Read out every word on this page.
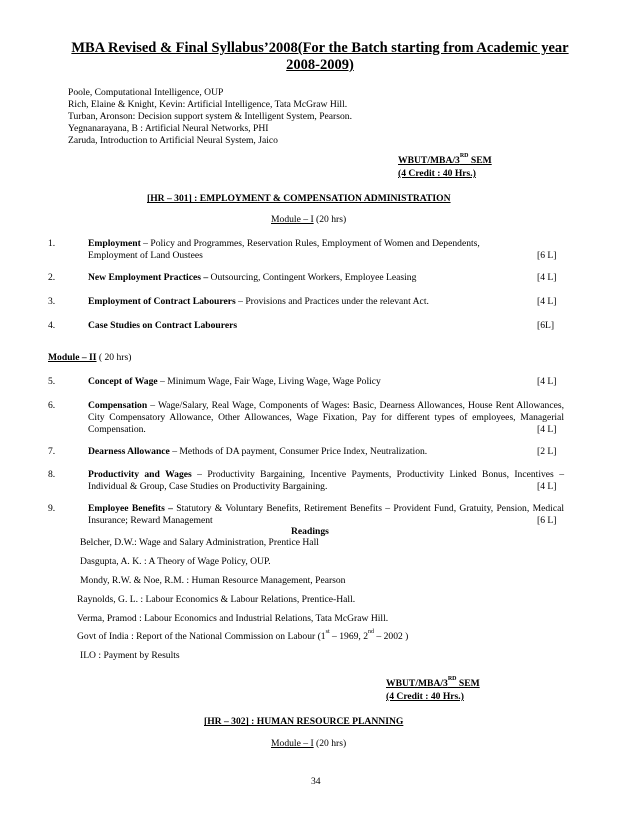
MBA Revised & Final Syllabus’2008(For the Batch starting from Academic year
2008-2009)
Poole, Computational Intelligence, OUP
Rich, Elaine & Knight, Kevin: Artificial Intelligence, Tata McGraw Hill.
Turban, Aronson: Decision support system & Intelligent System, Pearson.
Yegnanarayana, B : Artificial Neural Networks, PHI
Zaruda, Introduction to Artificial Neural System, Jaico
WBUT/MBA/3RD SEM
(4 Credit : 40 Hrs.)
[HR – 301] : EMPLOYMENT & COMPENSATION ADMINISTRATION
Module – I (20 hrs)
1.	Employment – Policy and Programmes, Reservation Rules, Employment of Women and Dependents,
Employment of Land Oustees	[6 L]
2.	New Employment Practices – Outsourcing, Contingent Workers, Employee Leasing	[4 L]
3.	Employment of Contract Labourers – Provisions and Practices under the relevant Act.	[4 L]
4.	Case Studies on Contract Labourers	[6L]
Module – II ( 20 hrs)
5.	Concept of Wage – Minimum Wage, Fair Wage, Living Wage, Wage Policy	[4 L]
6.	Compensation – Wage/Salary, Real Wage, Components of Wages: Basic, Dearness Allowances, House Rent Allowances, City Compensatory Allowance, Other Allowances, Wage Fixation, Pay for different types of employees, Managerial Compensation.	[4 L]
7.	Dearness Allowance – Methods of DA payment, Consumer Price Index, Neutralization.	[2 L]
8.	Productivity and Wages – Productivity Bargaining, Incentive Payments, Productivity Linked Bonus, Incentives – Individual & Group, Case Studies on Productivity Bargaining.	[4 L]
9.	Employee Benefits – Statutory & Voluntary Benefits, Retirement Benefits – Provident Fund, Gratuity, Pension, Medical Insurance; Reward Management	[6 L]
Readings
Belcher, D.W.: Wage and Salary Administration, Prentice Hall
Dasgupta, A. K. : A Theory of Wage Policy, OUP.
Mondy, R.W. & Noe, R.M. : Human Resource Management, Pearson
Raynolds, G. L. : Labour Economics & Labour Relations, Prentice-Hall.
Verma, Pramod : Labour Economics and Industrial Relations, Tata McGraw Hill.
Govt of India : Report of the National Commission on Labour (1st – 1969, 2nd – 2002 )
ILO : Payment by Results
WBUT/MBA/3RD SEM
(4 Credit : 40 Hrs.)
[HR – 302] : HUMAN RESOURCE PLANNING
Module – I (20 hrs)
34
